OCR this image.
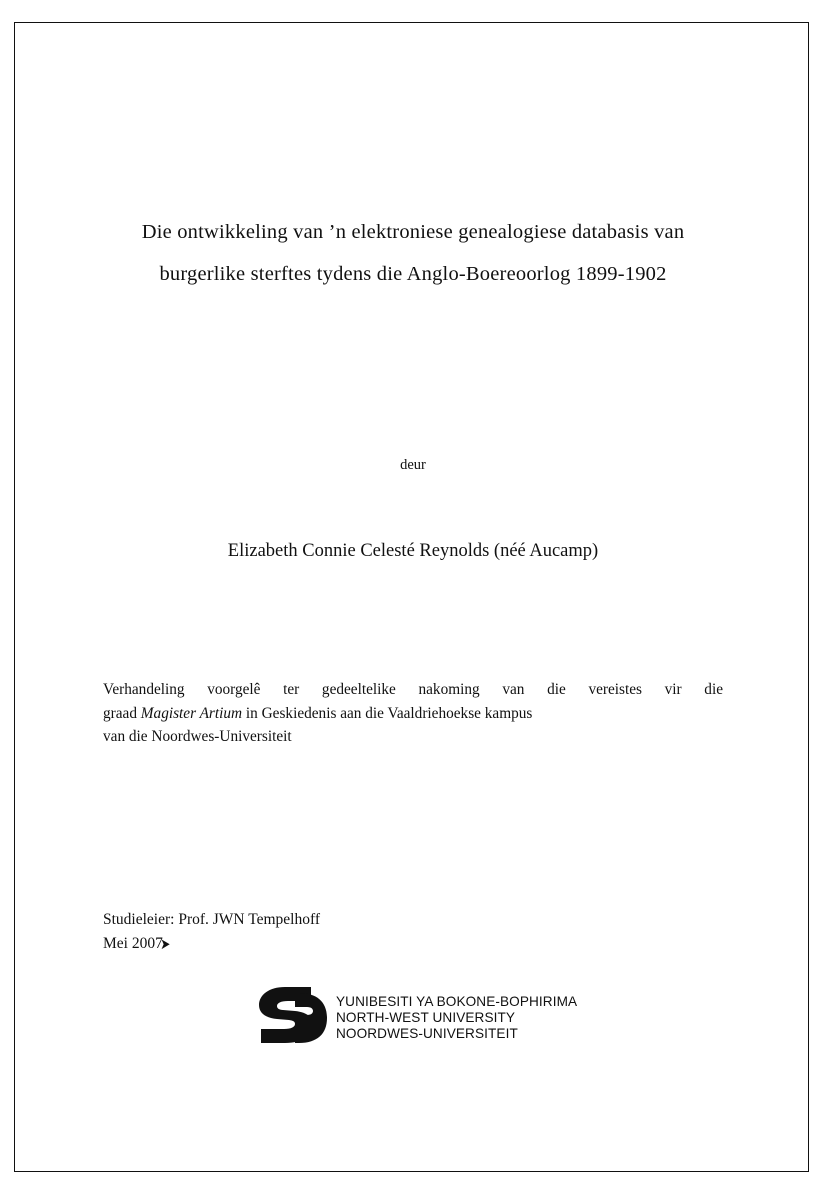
Die ontwikkeling van ’n elektroniese genealogiese databasis van
burgerlike sterftes tydens die Anglo-Boereoorlog 1899-1902
deur
Elizabeth Connie Celesté Reynolds (néé Aucamp)
Verhandeling voorgelê ter gedeeltelike nakoming van die vereistes vir die
graad Magister Artium in Geskiedenis aan die Vaaldriehoekse kampus
van die Noordwes-Universiteit
Studieleier: Prof. JWN Tempelhoff
Mei 2007
➤
YUNIBESITI YA BOKONE-BOPHIRIMA
NORTH-WEST UNIVERSITY
NOORDWES-UNIVERSITEIT
